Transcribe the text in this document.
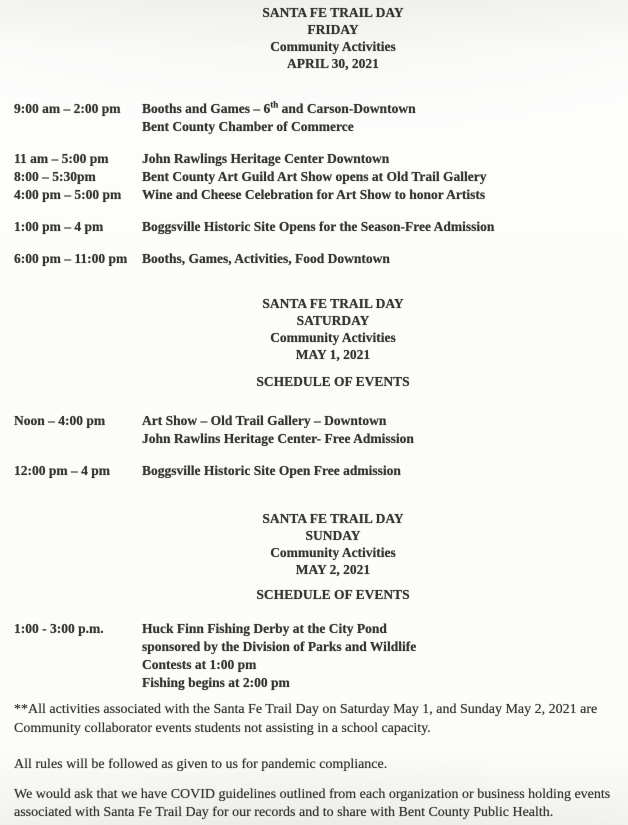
SANTA FE TRAIL DAY
FRIDAY
Community Activities
APRIL 30, 2021
9:00 am – 2:00 pm	Booths and Games – 6th and Carson-Downtown
Bent County Chamber of Commerce
11 am – 5:00 pm	John Rawlings Heritage Center Downtown
8:00 – 5:30pm	Bent County Art Guild Art Show opens at Old Trail Gallery
4:00 pm – 5:00 pm	Wine and Cheese Celebration for Art Show to honor Artists
1:00 pm – 4 pm	Boggsville Historic Site Opens for the Season-Free Admission
6:00 pm – 11:00 pm	Booths, Games, Activities, Food Downtown
SANTA FE TRAIL DAY
SATURDAY
Community Activities
MAY 1, 2021
SCHEDULE OF EVENTS
Noon – 4:00 pm	Art Show – Old Trail Gallery – Downtown
John Rawlins Heritage Center- Free Admission
12:00 pm – 4 pm	Boggsville Historic Site Open Free admission
SANTA FE TRAIL DAY
SUNDAY
Community Activities
MAY 2, 2021
SCHEDULE OF EVENTS
1:00 - 3:00 p.m.	Huck Finn Fishing Derby at the City Pond
sponsored by the Division of Parks and Wildlife
Contests at 1:00 pm
Fishing begins at 2:00 pm

**All activities associated with the Santa Fe Trail Day on Saturday May 1, and Sunday May 2, 2021 are Community collaborator events students not assisting in a school capacity.

All rules will be followed as given to us for pandemic compliance.

We would ask that we have COVID guidelines outlined from each organization or business holding events associated with Santa Fe Trail Day for our records and to share with Bent County Public Health.
